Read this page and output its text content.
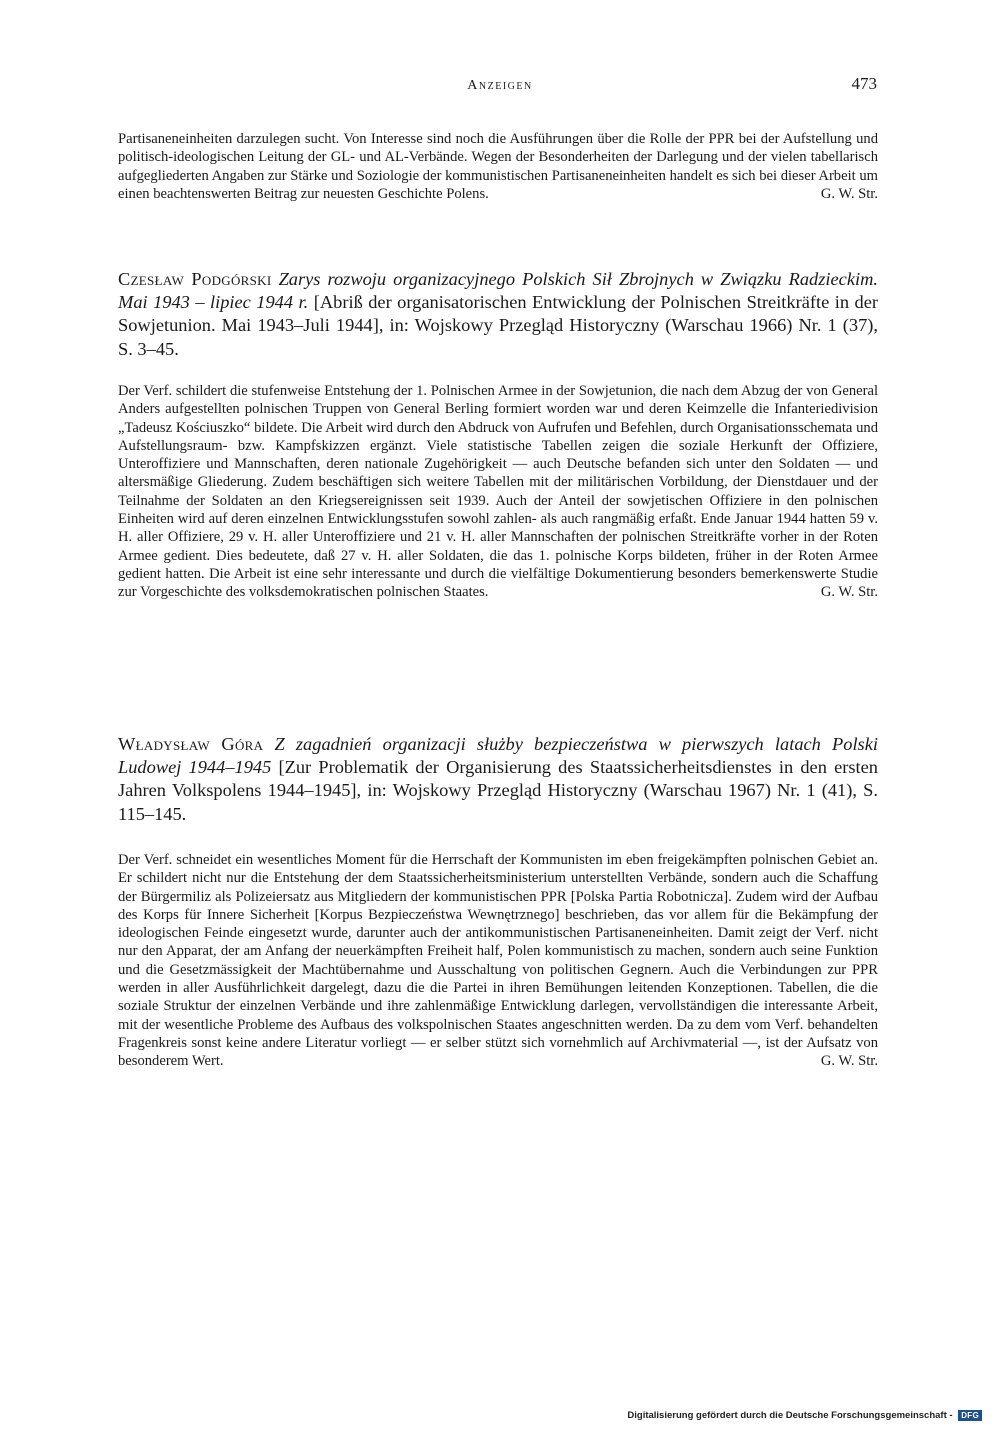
Anzeigen	473

Partisaneneinheiten darzulegen sucht. Von Interesse sind noch die Ausführungen über die Rolle der PPR bei der Aufstellung und politisch-ideologischen Leitung der GL- und AL-Verbände. Wegen der Besonderheiten der Darlegung und der vielen tabellarisch aufgegliederten Angaben zur Stärke und Soziologie der kommunistischen Partisaneneinheiten handelt es sich bei dieser Arbeit um einen beachtenswerten Beitrag zur neuesten Geschichte Polens.	G. W. Str.

Czesław Podgórski Zarys rozwoju organizacyjnego Polskich Sił Zbrojnych w Związku Radzieckim. Mai 1943 – lipiec 1944 r. [Abriß der organisatorischen Entwicklung der Polnischen Streitkräfte in der Sowjetunion. Mai 1943–Juli 1944], in: Wojskowy Przegląd Historyczny (Warschau 1966) Nr. 1 (37), S. 3–45.

Der Verf. schildert die stufenweise Entstehung der 1. Polnischen Armee in der Sowjetunion, die nach dem Abzug der von General Anders aufgestellten polnischen Truppen von General Berling formiert worden war und deren Keimzelle die Infanteriedivision „Tadeusz Kościuszko“ bildete. Die Arbeit wird durch den Abdruck von Aufrufen und Befehlen, durch Organisationsschemata und Aufstellungsraum- bzw. Kampfskizzen ergänzt. Viele statistische Tabellen zeigen die soziale Herkunft der Offiziere, Unteroffiziere und Mannschaften, deren nationale Zugehörigkeit — auch Deutsche befanden sich unter den Soldaten — und altersmäßige Gliederung. Zudem beschäftigen sich weitere Tabellen mit der militärischen Vorbildung, der Dienstdauer und der Teilnahme der Soldaten an den Kriegsereignissen seit 1939. Auch der Anteil der sowjetischen Offiziere in den polnischen Einheiten wird auf deren einzelnen Entwicklungsstufen sowohl zahlen- als auch rangmäßig erfaßt. Ende Januar 1944 hatten 59 v. H. aller Offiziere, 29 v. H. aller Unteroffiziere und 21 v. H. aller Mannschaften der polnischen Streitkräfte vorher in der Roten Armee gedient. Dies bedeutete, daß 27 v. H. aller Soldaten, die das 1. polnische Korps bildeten, früher in der Roten Armee gedient hatten. Die Arbeit ist eine sehr interessante und durch die vielfältige Dokumentierung besonders bemerkenswerte Studie zur Vorgeschichte des volksdemokratischen polnischen Staates.	G. W. Str.

Władysław Góra Z zagadnień organizacji służby bezpieczeństwa w pierwszych latach Polski Ludowej 1944–1945 [Zur Problematik der Organisierung des Staatssicherheitsdienstes in den ersten Jahren Volkspolens 1944–1945], in: Wojskowy Przegląd Historyczny (Warschau 1967) Nr. 1 (41), S. 115–145.

Der Verf. schneidet ein wesentliches Moment für die Herrschaft der Kommunisten im eben freigekämpften polnischen Gebiet an. Er schildert nicht nur die Entstehung der dem Staatssicherheitsministerium unterstellten Verbände, sondern auch die Schaffung der Bürgermiliz als Polizeiersatz aus Mitgliedern der kommunistischen PPR [Polska Partia Robotnicza]. Zudem wird der Aufbau des Korps für Innere Sicherheit [Korpus Bezpieczeństwa Wewnętrznego] beschrieben, das vor allem für die Bekämpfung der ideologischen Feinde eingesetzt wurde, darunter auch der antikommunistischen Partisaneneinheiten. Damit zeigt der Verf. nicht nur den Apparat, der am Anfang der neuerkämpften Freiheit half, Polen kommunistisch zu machen, sondern auch seine Funktion und die Gesetzmässigkeit der Machtübernahme und Ausschaltung von politischen Gegnern. Auch die Verbindungen zur PPR werden in aller Ausführlichkeit dargelegt, dazu die die Partei in ihren Bemühungen leitenden Konzeptionen. Tabellen, die die soziale Struktur der einzelnen Verbände und ihre zahlenmäßige Entwicklung darlegen, vervollständigen die interessante Arbeit, mit der wesentliche Probleme des Aufbaus des volkspolnischen Staates angeschnitten werden. Da zu dem vom Verf. behandelten Fragenkreis sonst keine andere Literatur vorliegt — er selber stützt sich vornehmlich auf Archivmaterial —, ist der Aufsatz von besonderem Wert.	G. W. Str.

Digitalisierung gefördert durch die Deutsche Forschungsgemeinschaft - DFG
